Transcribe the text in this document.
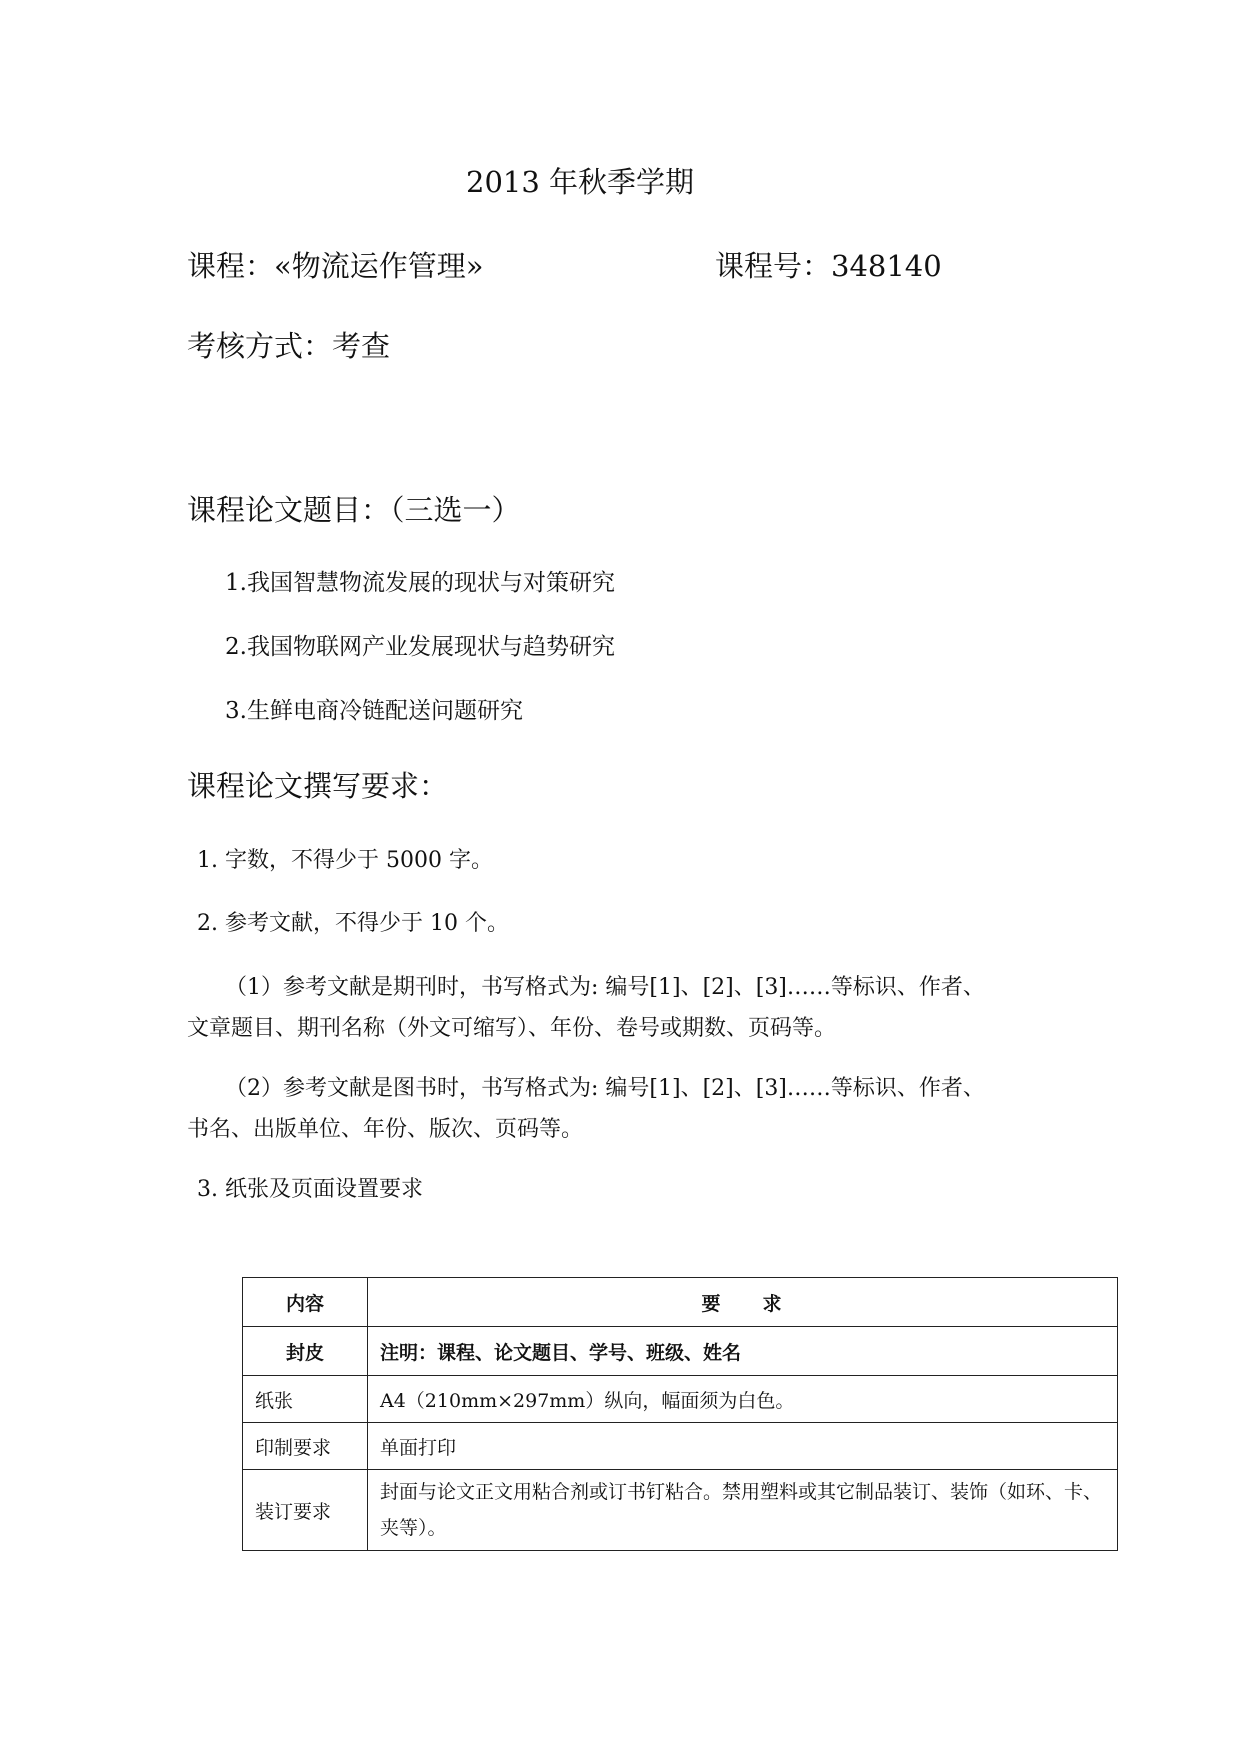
2013 年秋季学期
课程：«物流运作管理»	课程号：348140
考核方式：考查
课程论文题目：（三选一）
1.我国智慧物流发展的现状与对策研究
2.我国物联网产业发展现状与趋势研究
3.生鲜电商冷链配送问题研究
课程论文撰写要求：
1. 字数，不得少于 5000 字。
2. 参考文献，不得少于 10 个。
（1）参考文献是期刊时，书写格式为: 编号[1]、[2]、[3]……等标识、作者、
文章题目、期刊名称（外文可缩写）、年份、卷号或期数、页码等。
（2）参考文献是图书时，书写格式为: 编号[1]、[2]、[3]……等标识、作者、
书名、出版单位、年份、版次、页码等。
3. 纸张及页面设置要求
内容	要 求
封皮	注明：课程、论文题目、学号、班级、姓名
纸张	A4（210mm×297mm）纵向，幅面须为白色。
印制要求	单面打印
装订要求	封面与论文正文用粘合剂或订书钉粘合。禁用塑料或其它制品装订、装饰（如环、卡、夹等）。
